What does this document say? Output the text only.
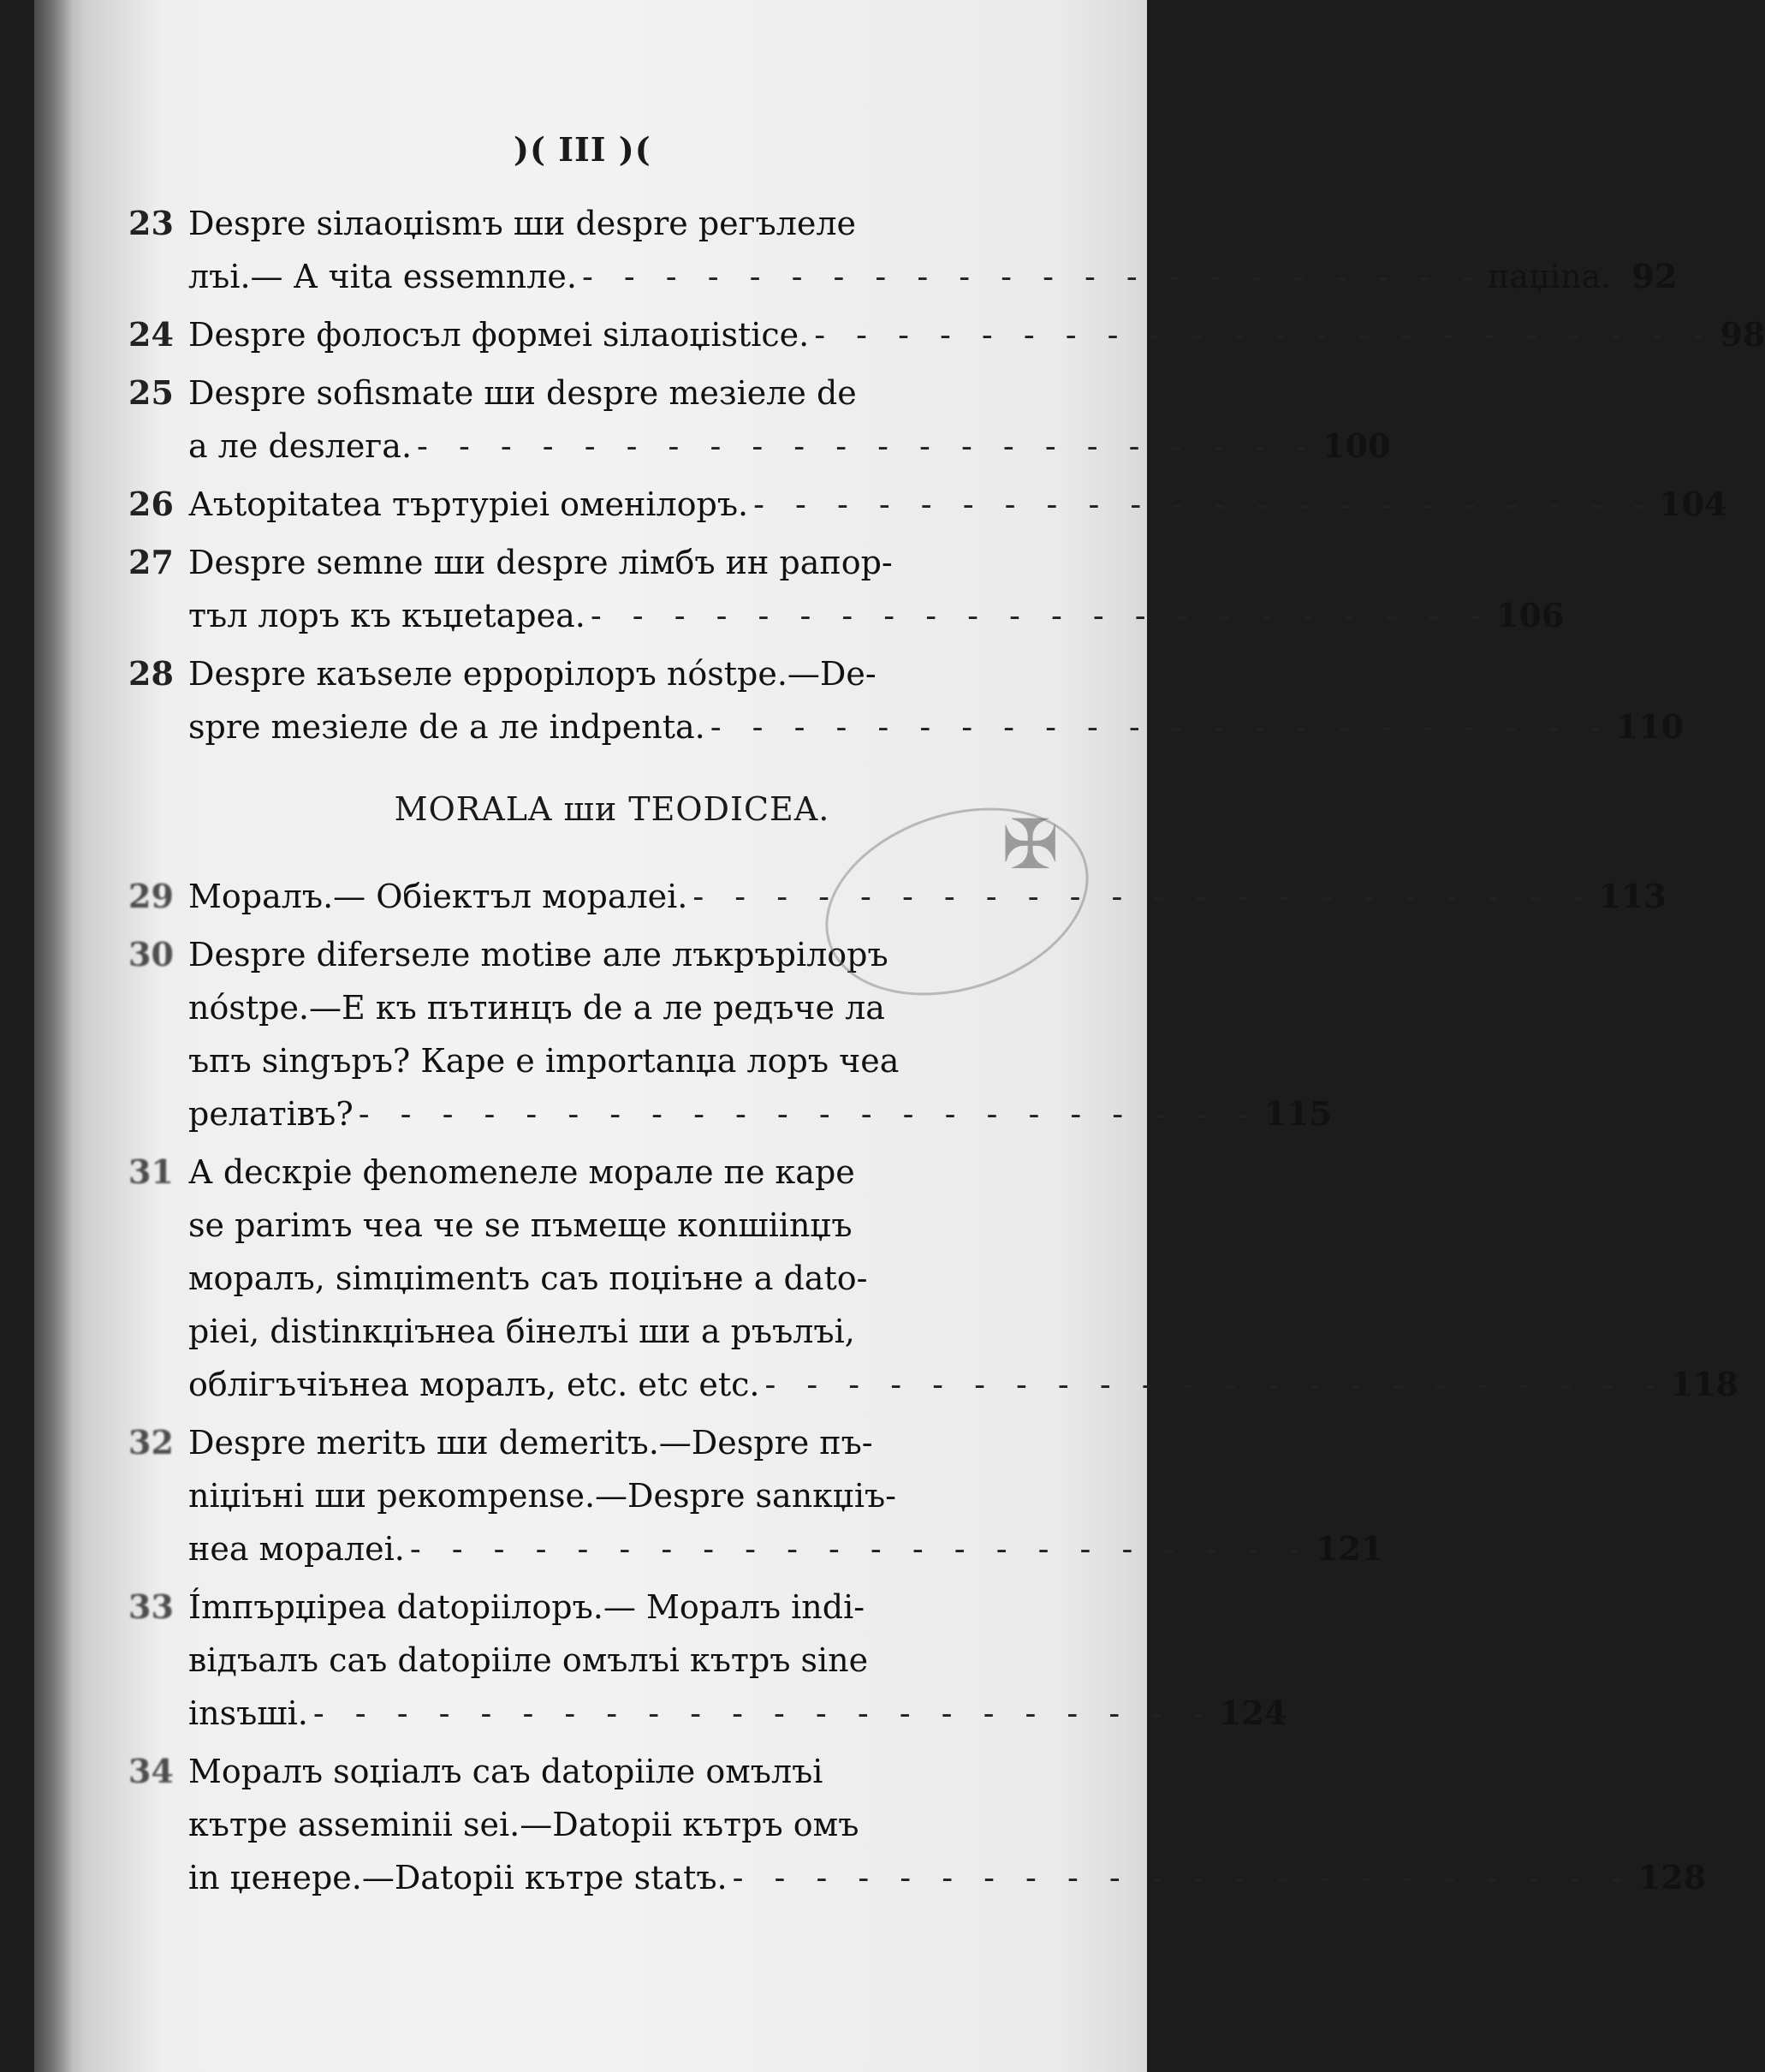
)( III )(
23 Despre siлaoџismъ ши despre регълеле
лъi.— А чita essemnле. - - - - - - - - - - - - - - - - - - - - - - паџina. 92
24 Despre фолосъл формеi siлaoџisticе. - - - - - - - - - - - - - - - - - - - - - - 98
25 Despre sofismate ши despre meзieле de
а ле desлега. - - - - - - - - - - - - - - - - - - - - - - 100
26 Аъtopitatea търтурiеi оменiлоръ. - - - - - - - - - - - - - - - - - - - - - - 104
27 Despre semne ши despre лiмбъ ин рапор-
тъл лоръ къ къџetapea. - - - - - - - - - - - - - - - - - - - - - - 106
28 Despre каъseле eppopiлоръ nóstpe.—De-
spre meзieле de а ле indpenta. - - - - - - - - - - - - - - - - - - - - - - 110
MORALA ши TEODICEA.
29 Моралъ.— Обiектъл моралеi. - - - - - - - - - - - - - - - - - - - - - - 113
30 Despre diferseле motiве але лъкрърiлоръ
nóstpe.—Е къ пътинцъ de а ле редъче ла
ъпъ singъръ? Каре е importanџа лоръ чеа
релатiвъ? - - - - - - - - - - - - - - - - - - - - - - 115
31 А deскрie фenomeneле морале пе каре
se parimъ чеа че se пъмеще коnшiinџъ
моралъ, simџimentъ саъ поџiъне а dato-
piеi, distinкџiънеа бiнелъi ши а ръълъi,
облiгъчiънеа моралъ, etc. etc etc. - - - - - - - - - - - - - - - - - - - - - - 118
32 Despre meritъ ши demeritъ.—Despre пъ-
niџiънi ши рекоmpense.—Despre sanкџiъ-
неа моралеi. - - - - - - - - - - - - - - - - - - - - - - 121
33 Ímпърџiреа datopiiлоръ.— Моралъ indi-
вiдъалъ саъ datopiiле омълъi кътръ sine
insъшi. - - - - - - - - - - - - - - - - - - - - - - 124
34 Моралъ soџiалъ саъ datopiiле омълъi
кътре asseminii sei.—Datopii кътръ омъ
in џенере.—Datopii кътре statъ. - - - - - - - - - - - - - - - - - - - - - - 128
✠
